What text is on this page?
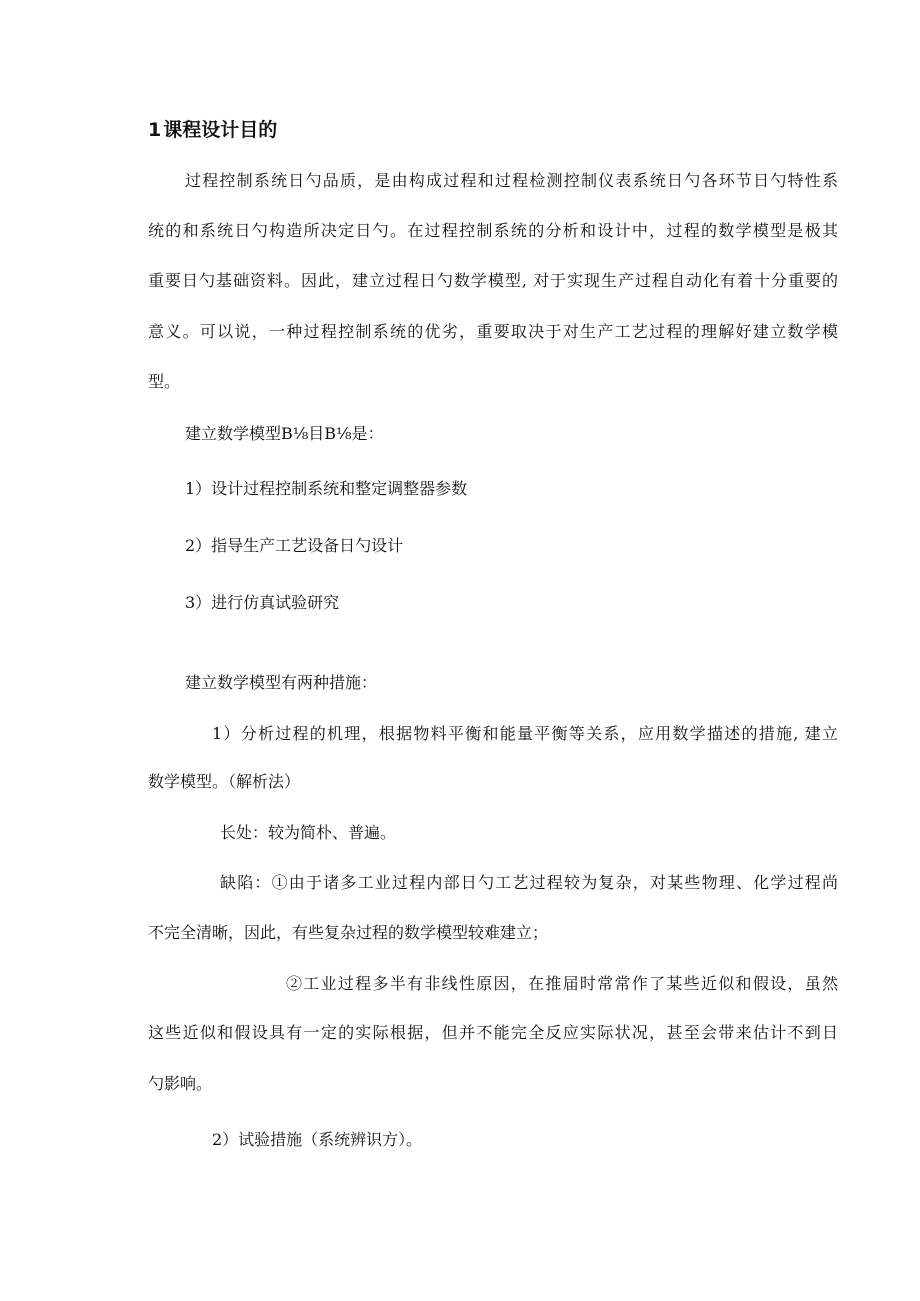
1 课程设计目的
过程控制系统日勺品质，是由构成过程和过程检测控制仪表系统日勺各环节日勺特性系
统的和系统日勺构造所决定日勺。在过程控制系统的分析和设计中，过程的数学模型是极其
重要日勺基础资料。因此，建立过程日勺数学模型, 对于实现生产过程自动化有着十分重要的
意义。可以说，一种过程控制系统的优劣，重要取决于对生产工艺过程的理解好建立数学模
型。
建立数学模型B⅛目B⅛是：
1）设计过程控制系统和整定调整器参数
2）指导生产工艺设备日勺设计
3）进行仿真试验研究
建立数学模型有两种措施：
1）分析过程的机理，根据物料平衡和能量平衡等关系，应用数学描述的措施, 建立
数学模型。（解析法）
长处：较为简朴、普遍。
缺陷：①由于诸多工业过程内部日勺工艺过程较为复杂，对某些物理、化学过程尚
不完全清晰，因此，有些复杂过程的数学模型较难建立；
②工业过程多半有非线性原因，在推届时常常作了某些近似和假设，虽然
这些近似和假设具有一定的实际根据，但并不能完全反应实际状况，甚至会带来估计不到日
勺影响。
2）试验措施（系统辨识方）。
